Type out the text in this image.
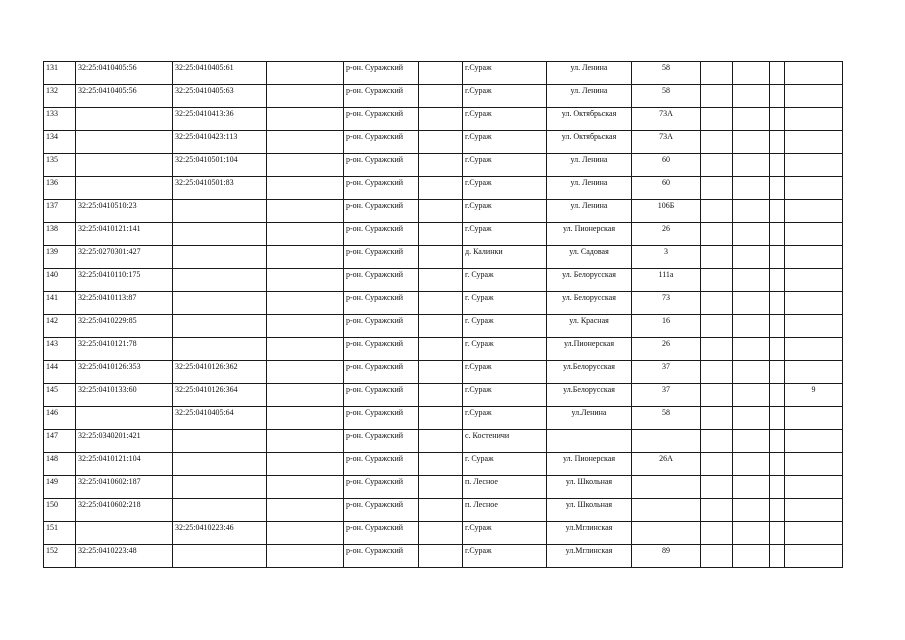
131	32:25:0410405:56	32:25:0410405:61		р-он. Суражский		г.Сураж	ул. Ленина	58				
132	32:25:0410405:56	32:25:0410405:63		р-он. Суражский		г.Сураж	ул. Ленина	58				
133		32:25:0410413:36		р-он. Суражский		г.Сураж	ул. Октябрьская	73А				
134		32:25:0410423:113		р-он. Суражский		г.Сураж	ул. Октябрьская	73А				
135		32:25:0410501:104		р-он. Суражский		г.Сураж	ул. Ленина	60				
136		32:25:0410501:83		р-он. Суражский		г.Сураж	ул. Ленина	60				
137	32:25:0410510:23			р-он. Суражский		г.Сураж	ул. Ленина	106Б				
138	32:25:0410121:141			р-он. Суражский		г.Сураж	ул. Пионерская	26				
139	32:25:0270301:427			р-он. Суражский		д. Калинки	ул. Садовая	3				
140	32:25:0410110:175			р-он. Суражский		г. Сураж	ул. Белорусская	111а				
141	32:25:0410113:87			р-он. Суражский		г. Сураж	ул. Белорусская	73				
142	32:25:0410229:85			р-он. Суражский		г. Сураж	ул. Красная	16				
143	32:25:0410121:78			р-он. Суражский		г. Сураж	ул.Пионерская	26				
144	32:25:0410126:353	32:25:0410126:362		р-он. Суражский		г.Сураж	ул.Белорусская	37				
145	32:25:0410133:60	32:25:0410126:364		р-он. Суражский		г.Сураж	ул.Белорусская	37				9
146		32:25:0410405:64		р-он. Суражский		г.Сураж	ул.Ленина	58				
147	32:25:0340201:421			р-он. Суражский		с. Костеничи						
148	32:25:0410121:104			р-он. Суражский		г. Сураж	ул. Пионерская	26А				
149	32:25:0410602:187			р-он. Суражский		п. Лесное	ул. Школьная					
150	32:25:0410602:218			р-он. Суражский		п. Лесное	ул. Школьная					
151		32:25:0410223:46		р-он. Суражский		г.Сураж	ул.Мглинская					
152	32:25:0410223:48			р-он. Суражский		г.Сураж	ул.Мглинская	89				
